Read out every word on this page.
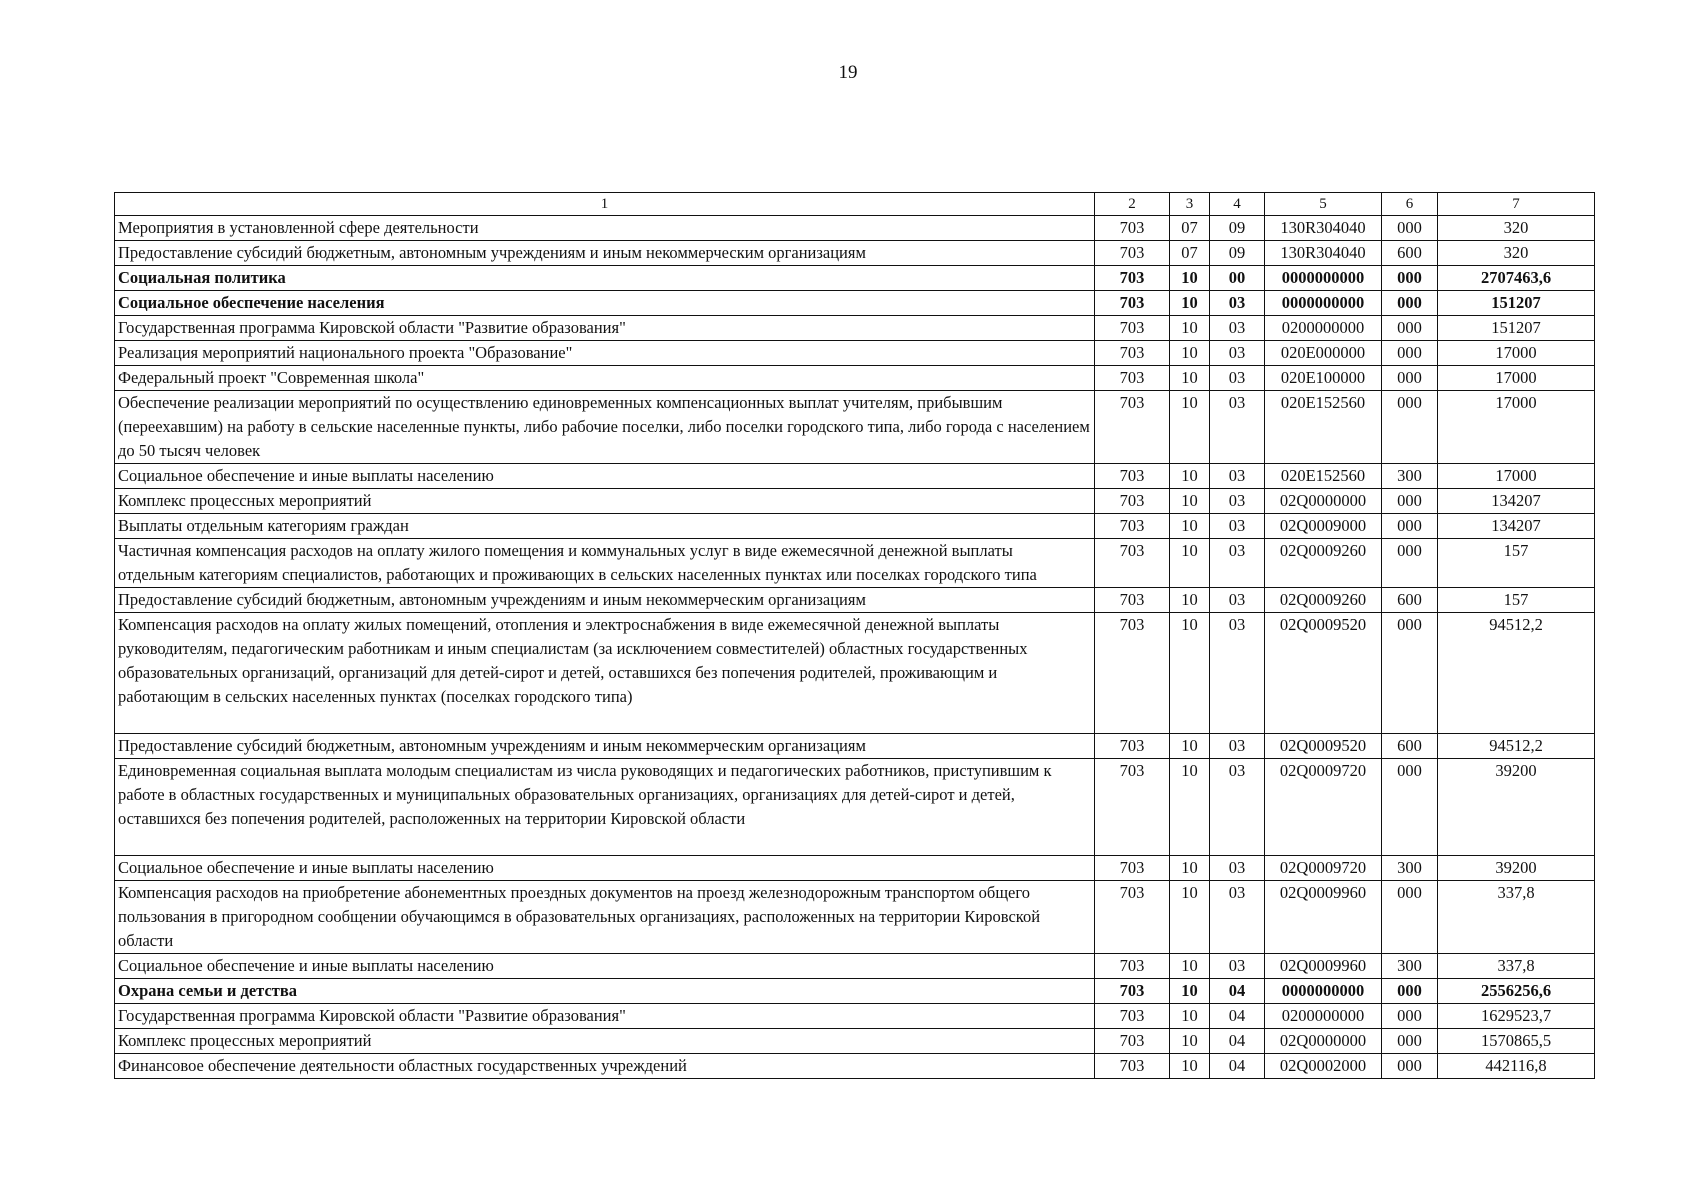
19
1	2	3	4	5	6	7
Мероприятия в установленной сфере деятельности	703	07	09	130R304040	000	320
Предоставление субсидий бюджетным, автономным учреждениям и иным некоммерческим организациям	703	07	09	130R304040	600	320
Социальная политика	703	10	00	0000000000	000	2707463,6
Социальное обеспечение населения	703	10	03	0000000000	000	151207
Государственная программа Кировской области "Развитие образования"	703	10	03	0200000000	000	151207
Реализация мероприятий национального проекта "Образование"	703	10	03	020E000000	000	17000
Федеральный проект "Современная школа"	703	10	03	020E100000	000	17000
Обеспечение реализации мероприятий по осуществлению единовременных компенсационных выплат учителям, прибывшим (переехавшим) на работу в сельские населенные пункты, либо рабочие поселки, либо поселки городского типа, либо города с населением до 50 тысяч человек	703	10	03	020E152560	000	17000
Социальное обеспечение и иные выплаты населению	703	10	03	020E152560	300	17000
Комплекс процессных мероприятий	703	10	03	02Q0000000	000	134207
Выплаты отдельным категориям граждан	703	10	03	02Q0009000	000	134207
Частичная компенсация расходов на оплату жилого помещения и коммунальных услуг в виде ежемесячной денежной выплаты отдельным категориям специалистов, работающих и проживающих в сельских населенных пунктах или поселках городского типа	703	10	03	02Q0009260	000	157
Предоставление субсидий бюджетным, автономным учреждениям и иным некоммерческим организациям	703	10	03	02Q0009260	600	157
Компенсация расходов на оплату жилых помещений, отопления и электроснабжения в виде ежемесячной денежной выплаты руководителям, педагогическим работникам и иным специалистам (за исключением совместителей) областных государственных образовательных организаций, организаций для детей-сирот и детей, оставшихся без попечения родителей, проживающим и работающим в сельских населенных пунктах (поселках городского типа)	703	10	03	02Q0009520	000	94512,2
Предоставление субсидий бюджетным, автономным учреждениям и иным некоммерческим организациям	703	10	03	02Q0009520	600	94512,2
Единовременная социальная выплата молодым специалистам из числа руководящих и педагогических работников, приступившим к работе в областных государственных и муниципальных образовательных организациях, организациях для детей-сирот и детей, оставшихся без попечения родителей, расположенных на территории Кировской области	703	10	03	02Q0009720	000	39200
Социальное обеспечение и иные выплаты населению	703	10	03	02Q0009720	300	39200
Компенсация расходов на приобретение абонементных проездных документов на проезд железнодорожным транспортом общего пользования в пригородном сообщении обучающимся в образовательных организациях, расположенных на территории Кировской области	703	10	03	02Q0009960	000	337,8
Социальное обеспечение и иные выплаты населению	703	10	03	02Q0009960	300	337,8
Охрана семьи и детства	703	10	04	0000000000	000	2556256,6
Государственная программа Кировской области "Развитие образования"	703	10	04	0200000000	000	1629523,7
Комплекс процессных мероприятий	703	10	04	02Q0000000	000	1570865,5
Финансовое обеспечение деятельности областных государственных учреждений	703	10	04	02Q0002000	000	442116,8
